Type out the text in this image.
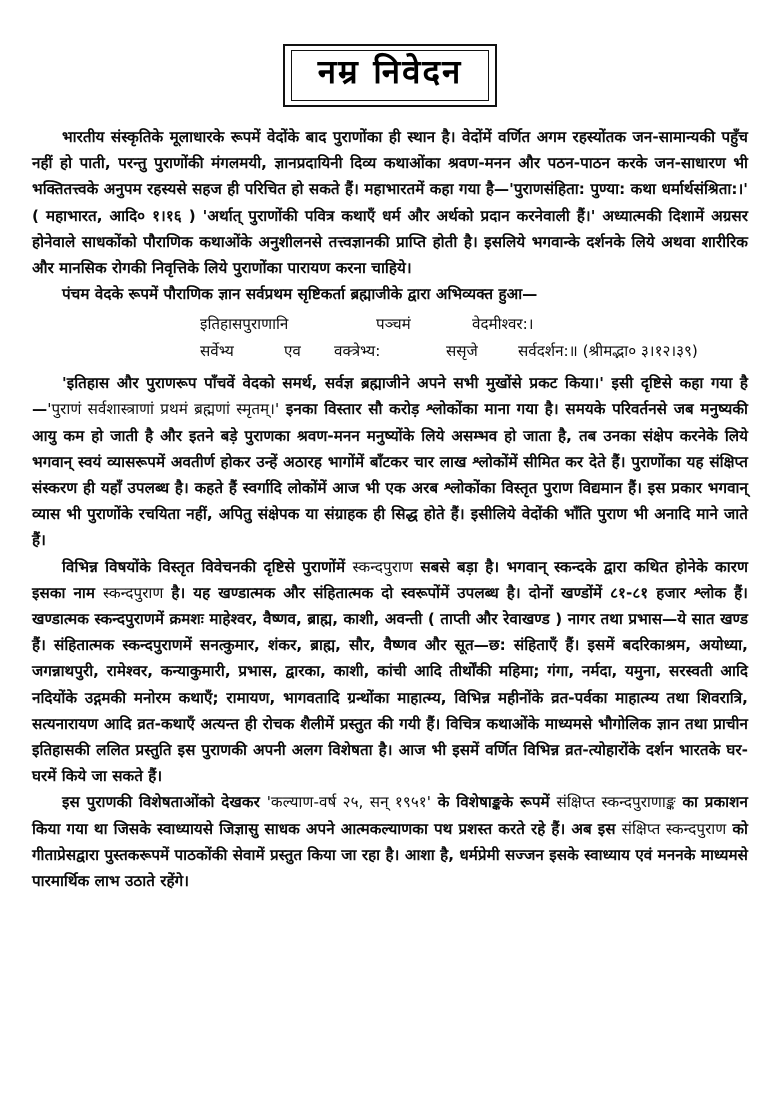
नम्र निवेदन

भारतीय संस्कृतिके मूलाधारके रूपमें वेदोंके बाद पुराणोंका ही स्थान है। वेदोंमें वर्णित अगम रहस्योंतक जन-सामान्यकी पहुँच नहीं हो पाती, परन्तु पुराणोंकी मंगलमयी, ज्ञानप्रदायिनी दिव्य कथाओंका श्रवण-मनन और पठन-पाठन करके जन-साधारण भी भक्तितत्त्वके अनुपम रहस्यसे सहज ही परिचित हो सकते हैं। महाभारतमें कहा गया है—'पुराणसंहिता: पुण्या: कथा धर्मार्थसंश्रिता:।' ( महाभारत, आदि० १।१६ ) 'अर्थात् पुराणोंकी पवित्र कथाएँ धर्म और अर्थको प्रदान करनेवाली हैं।' अध्यात्मकी दिशामें अग्रसर होनेवाले साधकोंको पौराणिक कथाओंके अनुशीलनसे तत्त्वज्ञानकी प्राप्ति होती है। इसलिये भगवान्के दर्शनके लिये अथवा शारीरिक और मानसिक रोगकी निवृत्तिके लिये पुराणोंका पारायण करना चाहिये।

पंचम वेदके रूपमें पौराणिक ज्ञान सर्वप्रथम सृष्टिकर्ता ब्रह्माजीके द्वारा अभिव्यक्त हुआ—

इतिहासपुराणानि	पञ्चमं	वेदमीश्वर:।
सर्वेभ्य	एव वक्त्रेभ्य:	ससृजे	सर्वदर्शन:॥ (श्रीमद्भा० ३।१२।३९)

'इतिहास और पुराणरूप पाँचवें वेदको समर्थ, सर्वज्ञ ब्रह्माजीने अपने सभी मुखोंसे प्रकट किया।' इसी दृष्टिसे कहा गया है—'पुराणं सर्वशास्त्राणां प्रथमं ब्रह्मणां स्मृतम्।' इनका विस्तार सौ करोड़ श्लोकोंका माना गया है। समयके परिवर्तनसे जब मनुष्यकी आयु कम हो जाती है और इतने बड़े पुराणका श्रवण-मनन मनुष्योंके लिये असम्भव हो जाता है, तब उनका संक्षेप करनेके लिये भगवान् स्वयं व्यासरूपमें अवतीर्ण होकर उन्हें अठारह भागोंमें बाँटकर चार लाख श्लोकोंमें सीमित कर देते हैं। पुराणोंका यह संक्षिप्त संस्करण ही यहाँ उपलब्ध है। कहते हैं स्वर्गादि लोकोंमें आज भी एक अरब श्लोकोंका विस्तृत पुराण विद्यमान हैं। इस प्रकार भगवान् व्यास भी पुराणोंके रचयिता नहीं, अपितु संक्षेपक या संग्राहक ही सिद्ध होते हैं। इसीलिये वेदोंकी भाँति पुराण भी अनादि माने जाते हैं।

विभिन्न विषयोंके विस्तृत विवेचनकी दृष्टिसे पुराणोंमें स्कन्दपुराण सबसे बड़ा है। भगवान् स्कन्दके द्वारा कथित होनेके कारण इसका नाम स्कन्दपुराण है। यह खण्डात्मक और संहितात्मक दो स्वरूपोंमें उपलब्ध है। दोनों खण्डोंमें ८१-८१ हजार श्लोक हैं। खण्डात्मक स्कन्दपुराणमें क्रमशः माहेश्वर, वैष्णव, ब्राह्म, काशी, अवन्ती ( ताप्ती और रेवाखण्ड ) नागर तथा प्रभास—ये सात खण्ड हैं। संहितात्मक स्कन्दपुराणमें सनत्कुमार, शंकर, ब्राह्म, सौर, वैष्णव और सूत—छ: संहिताएँ हैं। इसमें बदरिकाश्रम, अयोध्या, जगन्नाथपुरी, रामेश्वर, कन्याकुमारी, प्रभास, द्वारका, काशी, कांची आदि तीर्थोंकी महिमा; गंगा, नर्मदा, यमुना, सरस्वती आदि नदियोंके उद्गमकी मनोरम कथाएँ; रामायण, भागवतादि ग्रन्थोंका माहात्म्य, विभिन्न महीनोंके व्रत-पर्वका माहात्म्य तथा शिवरात्रि, सत्यनारायण आदि व्रत-कथाएँ अत्यन्त ही रोचक शैलीमें प्रस्तुत की गयी हैं। विचित्र कथाओंके माध्यमसे भौगोलिक ज्ञान तथा प्राचीन इतिहासकी ललित प्रस्तुति इस पुराणकी अपनी अलग विशेषता है। आज भी इसमें वर्णित विभिन्न व्रत-त्योहारोंके दर्शन भारतके घर-घरमें किये जा सकते हैं।

इस पुराणकी विशेषताओंको देखकर 'कल्याण-वर्ष २५, सन् १९५१' के विशेषाङ्कके रूपमें संक्षिप्त स्कन्दपुराणाङ्क का प्रकाशन किया गया था जिसके स्वाध्यायसे जिज्ञासु साधक अपने आत्मकल्याणका पथ प्रशस्त करते रहे हैं। अब इस संक्षिप्त स्कन्दपुराण को गीताप्रेसद्वारा पुस्तकरूपमें पाठकोंकी सेवामें प्रस्तुत किया जा रहा है। आशा है, धर्मप्रेमी सज्जन इसके स्वाध्याय एवं मननके माध्यमसे पारमार्थिक लाभ उठाते रहेंगे।
